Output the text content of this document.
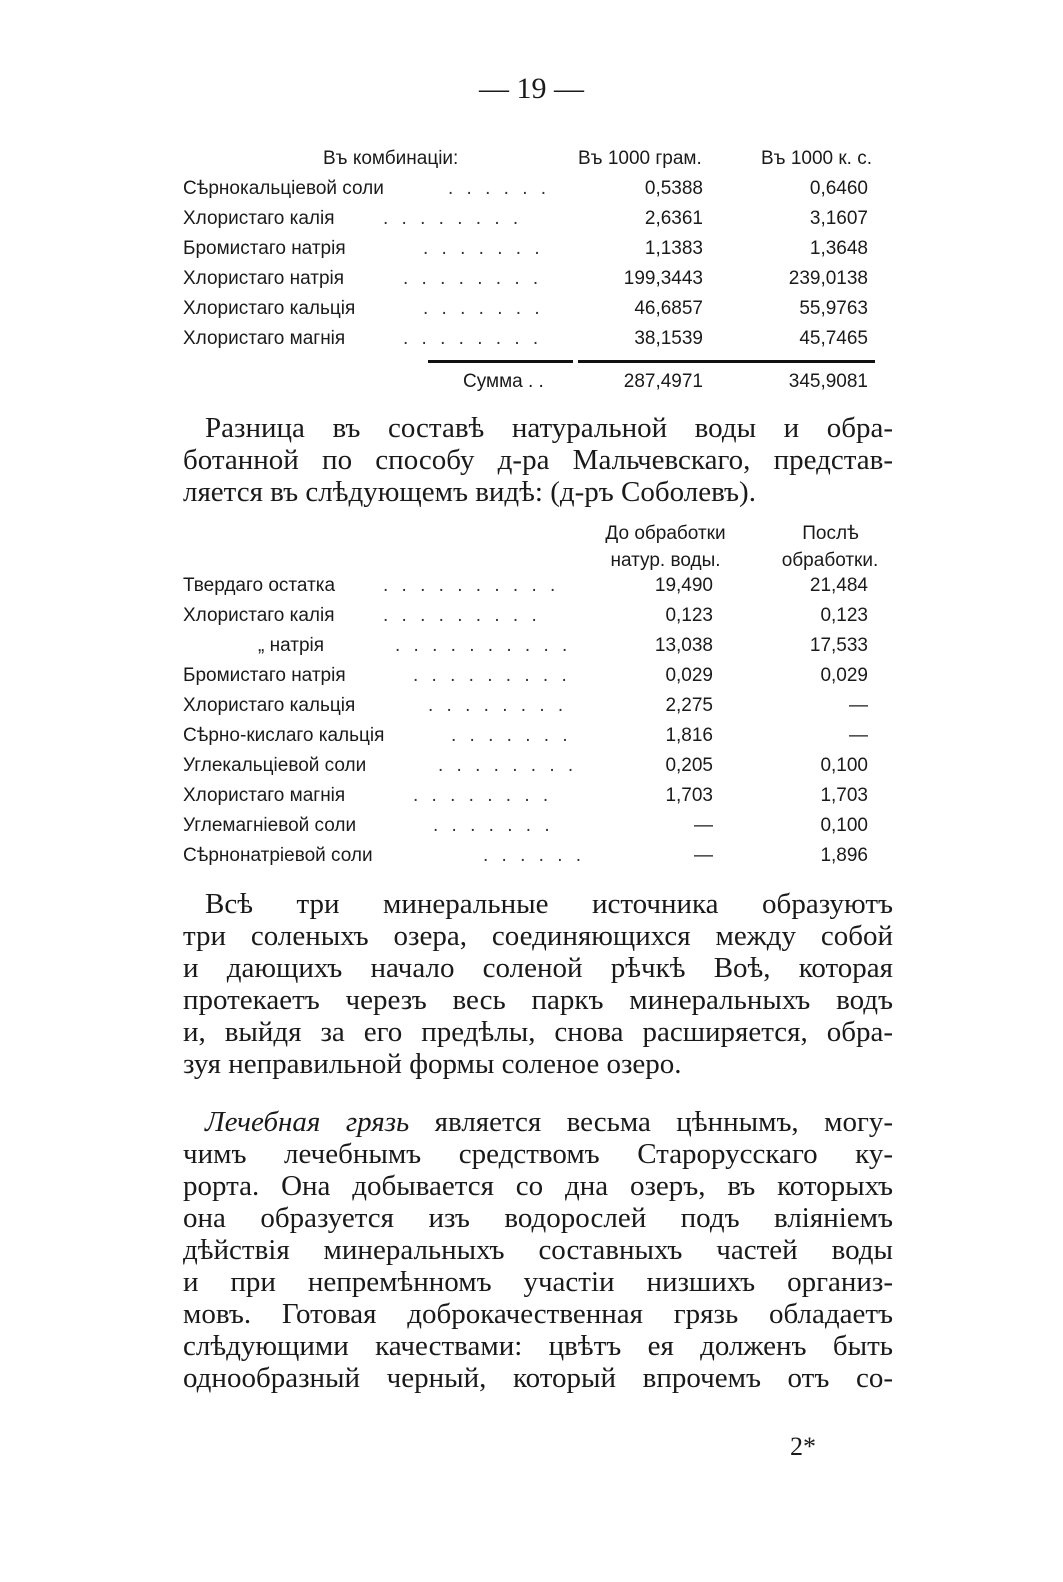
— 19 —
Въ комбинаціи:	Въ 1000 грам.	Въ 1000 к. с.
Сѣрнокальціевой соли	. . . . . .	0,5388	0,6460
Хлористаго калія	. . . . . . . .	2,6361	3,1607
Бромистаго натрія	. . . . . . .	1,1383	1,3648
Хлористаго натрія	. . . . . . . .	199,3443	239,0138
Хлористаго кальція	. . . . . . .	46,6857	55,9763
Хлористаго магнія	. . . . . . . .	38,1539	45,7465
Сумма . .	287,4971	345,9081
Разница въ составѣ натуральной воды и обра-
ботанной по способу д-ра Мальчевскаго, представ-
ляется въ слѣдующемъ видѣ: (д-ръ Соболевъ).
До обработки
натур. воды.
Послѣ
обработки.
Твердаго остатка	. . . . . . . . . .	19,490	21,484
Хлористаго калія	. . . . . . . . .	0,123	0,123
„ натрія	. . . . . . . . . .	13,038	17,533
Бромистаго натрія	. . . . . . . . .	0,029	0,029
Хлористаго кальція	. . . . . . . .	2,275	—
Сѣрно-кислаго кальція	. . . . . . .	1,816	—
Углекальціевой соли	. . . . . . . .	0,205	0,100
Хлористаго магнія	. . . . . . . .	1,703	1,703
Углемагніевой соли	. . . . . . .	—	0,100
Сѣрнонатріевой соли	. . . . . .	—	1,896
Всѣ три минеральные источника образуютъ
три соленыхъ озера, соединяющихся между собой
и дающихъ начало соленой рѣчкѣ Воѣ, которая
протекаетъ черезъ весь паркъ минеральныхъ водъ
и, выйдя за его предѣлы, снова расширяется, обра-
зуя неправильной формы соленое озеро.
Лечебная грязь является весьма цѣннымъ, могу-
чимъ лечебнымъ средствомъ Старорусскаго ку-
рорта. Она добывается со дна озеръ, въ которыхъ
она образуется изъ водорослей подъ вліяніемъ
дѣйствія минеральныхъ составныхъ частей воды
и при непремѣнномъ участіи низшихъ организ-
мовъ. Готовая доброкачественная грязь обладаетъ
слѣдующими качествами: цвѣтъ ея долженъ быть
однообразный черный, который впрочемъ отъ со-
2*
